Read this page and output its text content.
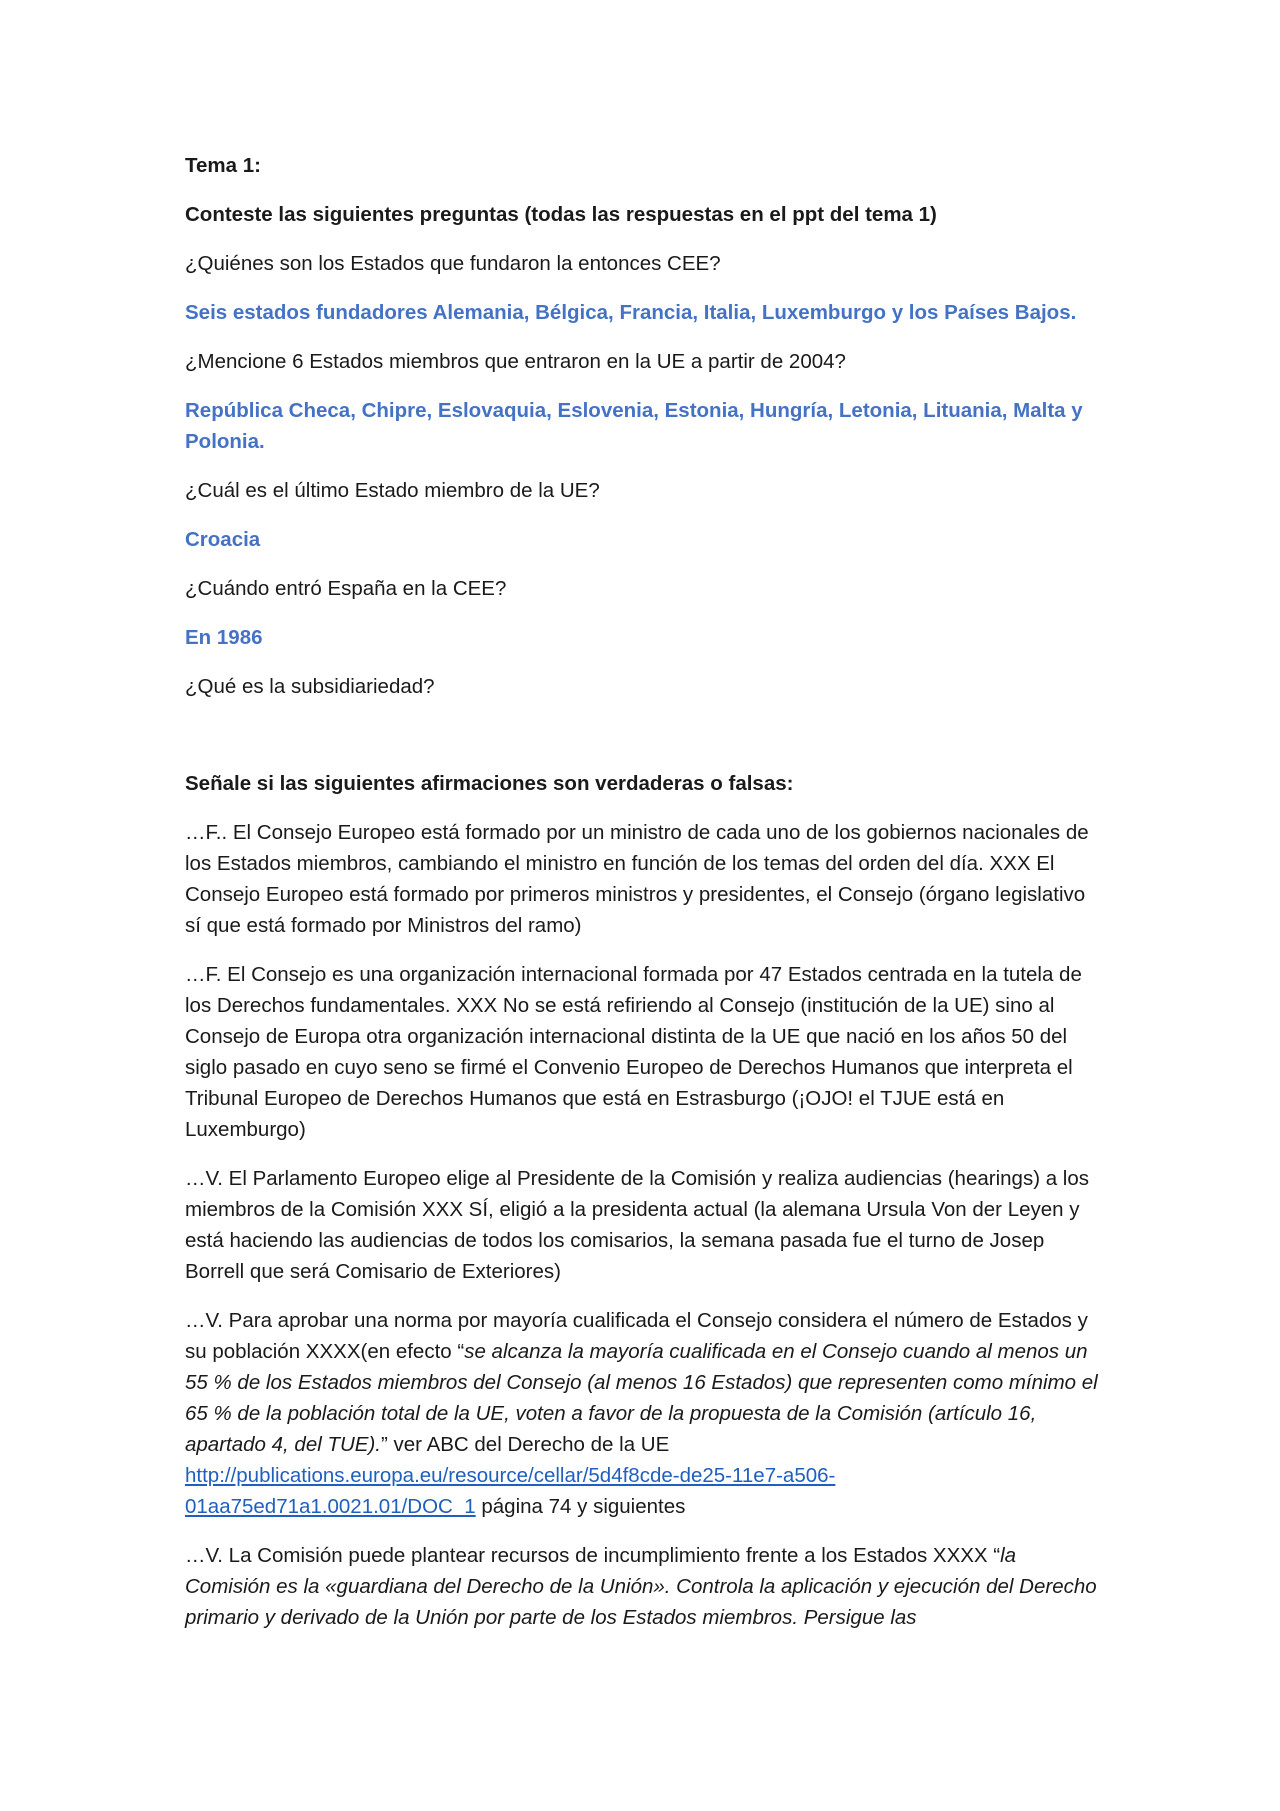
Tema 1:

Conteste las siguientes preguntas (todas las respuestas en el ppt del tema 1)

¿Quiénes son los Estados que fundaron la entonces CEE?

Seis estados fundadores Alemania, Bélgica, Francia, Italia, Luxemburgo y los Países Bajos.

¿Mencione 6 Estados miembros que entraron en la UE a partir de 2004?

República Checa, Chipre, Eslovaquia, Eslovenia, Estonia, Hungría, Letonia, Lituania, Malta y Polonia.

¿Cuál es el último Estado miembro de la UE?

Croacia

¿Cuándo entró España en la CEE?

En 1986

¿Qué es la subsidiariedad?

Señale si las siguientes afirmaciones son verdaderas o falsas:

…F.. El Consejo Europeo está formado por un ministro de cada uno de los gobiernos nacionales de los Estados miembros, cambiando el ministro en función de los temas del orden del día. XXX El Consejo Europeo está formado por primeros ministros y presidentes, el Consejo (órgano legislativo sí que está formado por Ministros del ramo)

…F. El Consejo es una organización internacional formada por 47 Estados centrada en la tutela de los Derechos fundamentales. XXX No se está refiriendo al Consejo (institución de la UE) sino al Consejo de Europa otra organización internacional distinta de la UE que nació en los años 50 del siglo pasado en cuyo seno se firmé el Convenio Europeo de Derechos Humanos que interpreta el Tribunal Europeo de Derechos Humanos que está en Estrasburgo (¡OJO! el TJUE está en Luxemburgo)

…V. El Parlamento Europeo elige al Presidente de la Comisión y realiza audiencias (hearings) a los miembros de la Comisión XXX SÍ, eligió a la presidenta actual (la alemana Ursula Von der Leyen y está haciendo las audiencias de todos los comisarios, la semana pasada fue el turno de Josep Borrell que será Comisario de Exteriores)

…V. Para aprobar una norma por mayoría cualificada el Consejo considera el número de Estados y su población XXXX(en efecto “se alcanza la mayoría cualificada en el Consejo cuando al menos un 55 % de los Estados miembros del Consejo (al menos 16 Estados) que representen como mínimo el 65 % de la población total de la UE, voten a favor de la propuesta de la Comisión (artículo 16, apartado 4, del TUE).” ver ABC del Derecho de la UE http://publications.europa.eu/resource/cellar/5d4f8cde-de25-11e7-a506-01aa75ed71a1.0021.01/DOC_1 página 74 y siguientes

…V. La Comisión puede plantear recursos de incumplimiento frente a los Estados XXXX “la Comisión es la «guardiana del Derecho de la Unión». Controla la aplicación y ejecución del Derecho primario y derivado de la Unión por parte de los Estados miembros. Persigue las
